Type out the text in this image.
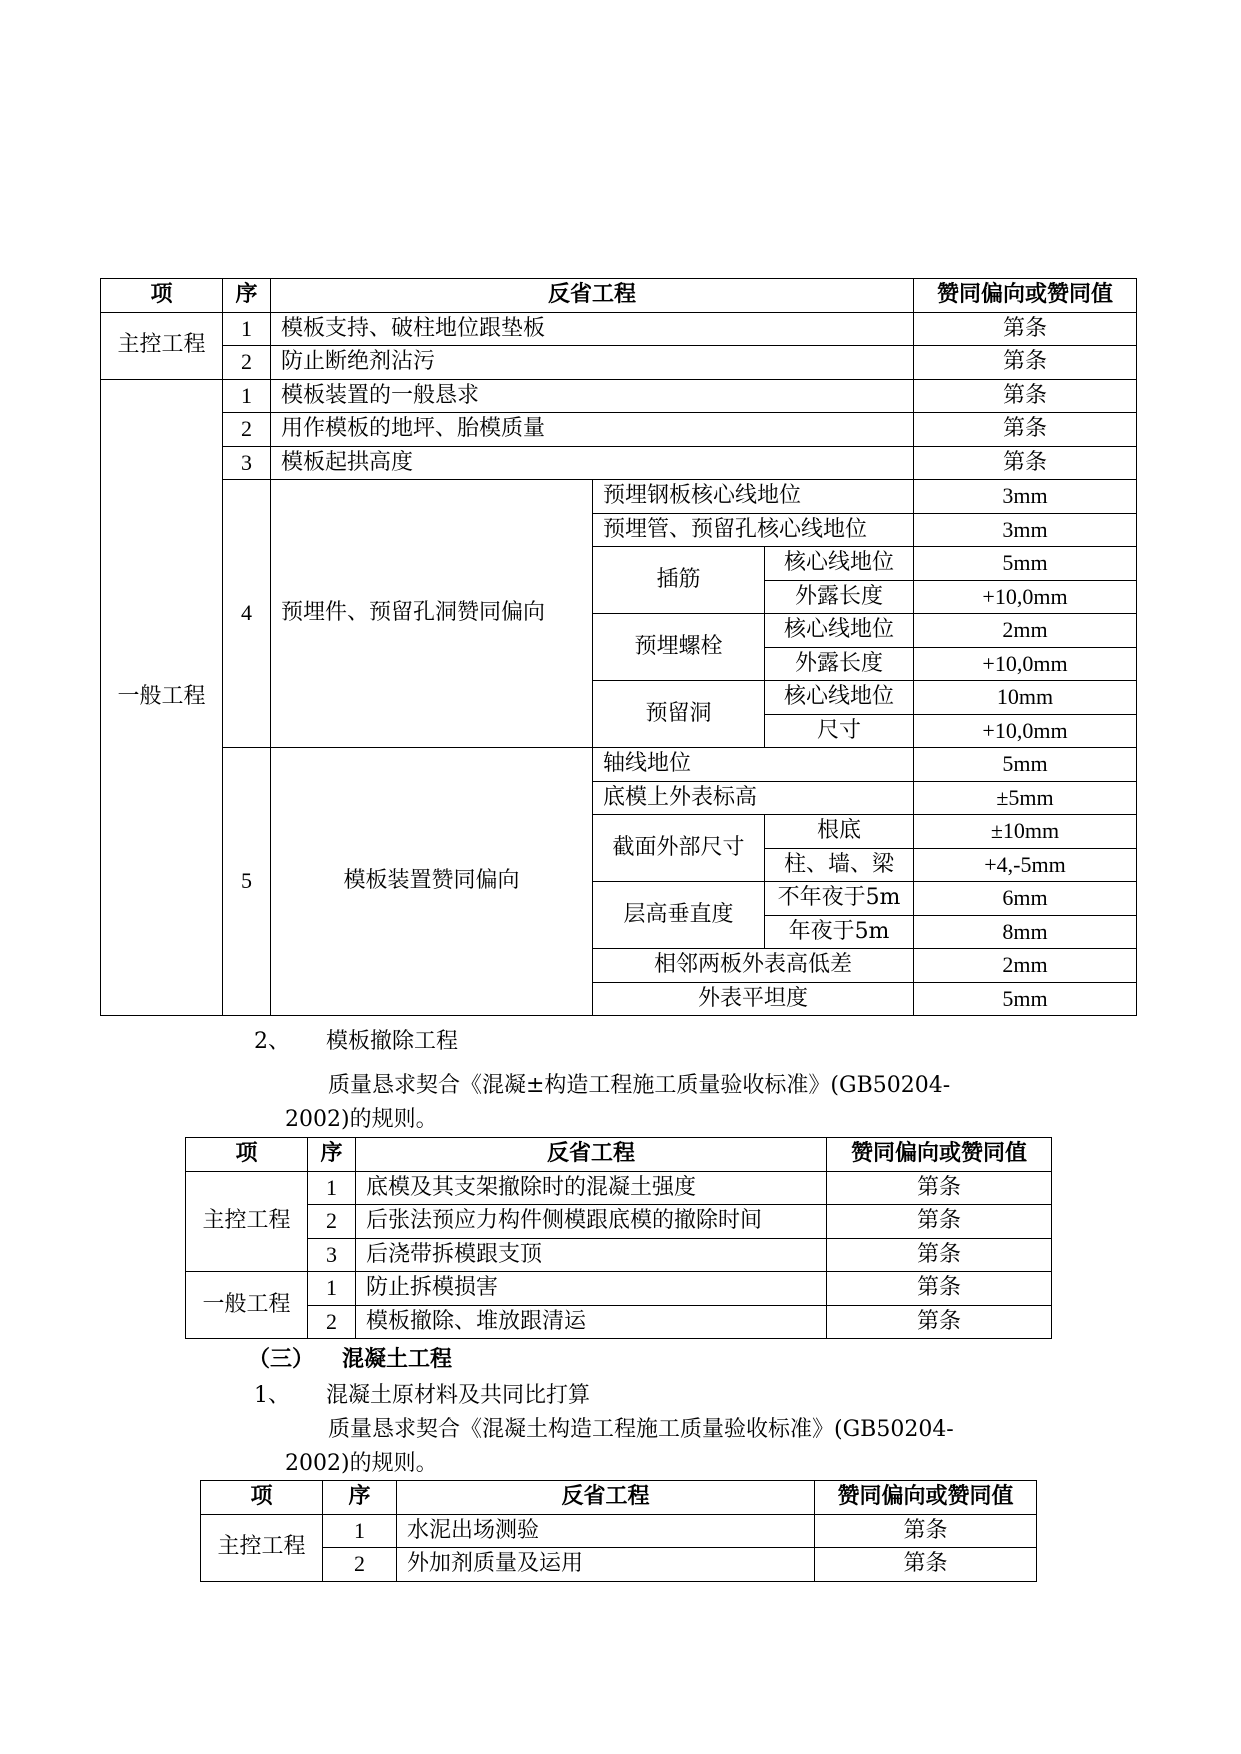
项	序	反省工程			赞同偏向或赞同值
主控工程	1	模板支持、破柱地位跟垫板			第条
	2	防止断绝剂沾污			第条
一般工程	1	模板装置的一般恳求			第条
	2	用作模板的地坪、胎模质量			第条
	3	模板起拱高度			第条
	4	预埋件、预留孔洞赞同偏向	预埋钢板核心线地位		3mm
			预埋管、预留孔核心线地位		3mm
			插筋	核心线地位	5mm
				外露长度	+10,0mm
			预埋螺栓	核心线地位	2mm
				外露长度	+10,0mm
			预留洞	核心线地位	10mm
				尺寸	+10,0mm
	5	模板装置赞同偏向	轴线地位		5mm
			底模上外表标高		±5mm
			截面外部尺寸	根底	±10mm
				柱、墙、梁	+4,-5mm
			层高垂直度	不年夜于5m	6mm
				年夜于5m	8mm
			相邻两板外表高低差		2mm
			外表平坦度		5mm
2、 模板撤除工程
质量恳求契合《混凝±构造工程施工质量验收标准》(GB50204-
2002)的规则。
项	序	反省工程	赞同偏向或赞同值
主控工程	1	底模及其支架撤除时的混凝土强度	第条
	2	后张法预应力构件侧模跟底模的撤除时间	第条
	3	后浇带拆模跟支顶	第条
一般工程	1	防止拆模损害	第条
	2	模板撤除、堆放跟清运	第条
（三） 混凝土工程
1、 混凝土原材料及共同比打算
质量恳求契合《混凝土构造工程施工质量验收标准》(GB50204-
2002)的规则。
项	序	反省工程	赞同偏向或赞同值
主控工程	1	水泥出场测验	第条
	2	外加剂质量及运用	第条
